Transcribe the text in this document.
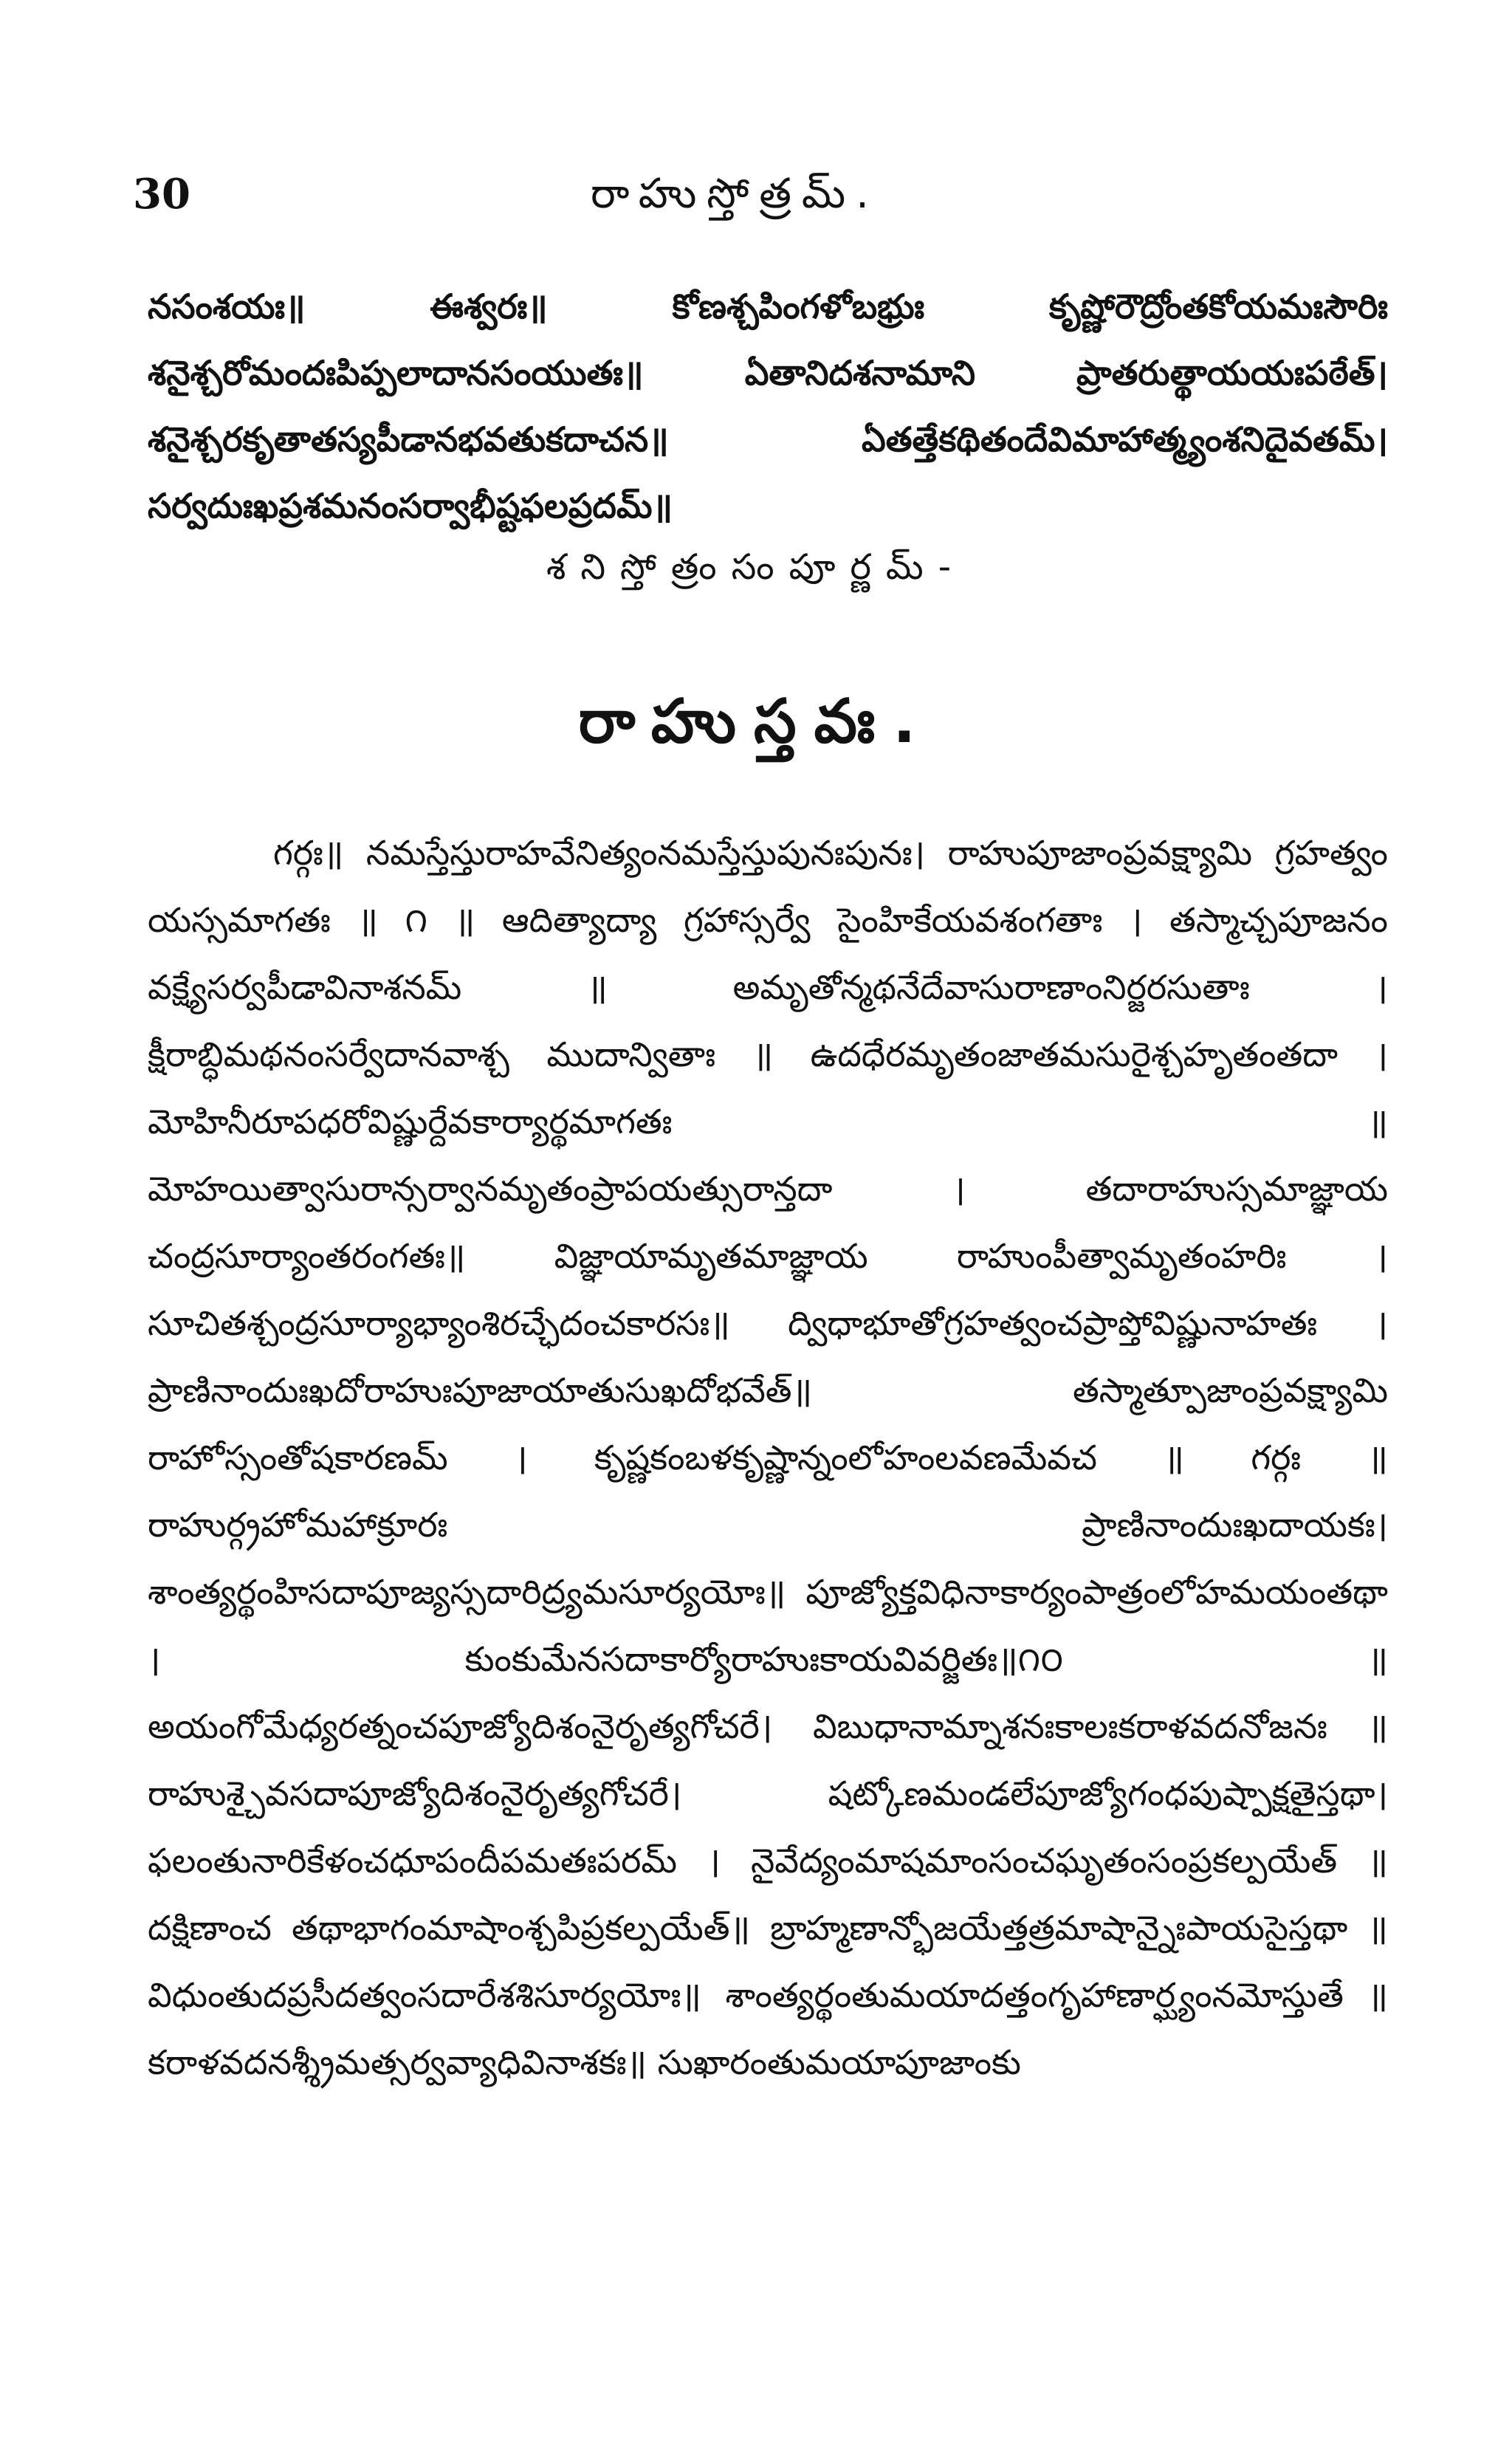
30	రాహుస్తోత్రమ్.
నసంశయః॥ ఈశ్వరః॥ కోణశ్చపింగళోబభ్రుః కృష్ణోరౌద్రోంతకోయమఃసౌరిః శనైశ్చరోమందఃపిప్పలాదానసంయుతః॥ ఏతానిదశనామాని ప్రాతరుత్థాయయఃపఠేత్। శనైశ్చరకృతాతస్యపీడానభవతుకదాచన॥ ఏతత్తేకథితందేవిమాహాత్మ్యంశనిదైవతమ్। సర్వదుఃఖప్రశమనంసర్వాభీష్టఫలప్రదమ్॥
శనిస్తోత్రంసంపూర్ణమ్-
రాహుస్తవః.
గర్గః॥ నమస్తేస్తురాహవేనిత్యంనమస్తేస్తుపునఃపునః। రాహుపూజాంప్రవక్ష్యామి గ్రహత్వం యస్సమాగతః ॥ ౧ ॥ ఆదిత్యాద్యా గ్రహాస్సర్వే సైంహికేయవశంగతాః । తస్మాచ్చపూజనం వక్ష్యేసర్వపీడావినాశనమ్ ॥ అమృతోన్మథనేదేవాసురాణాంనిర్జరసుతాః । క్షీరాబ్ధిమథనంసర్వేదానవాశ్చ ముదాన్వితాః ॥ ఉదధేరమృతంజాతమసురైశ్చహృతంతదా । మోహినీరూపధరోవిష్ణుర్దేవకార్యార్థమాగతః ॥ మోహయిత్వాసురాన్సర్వానమృతంప్రాపయత్సురాన్తదా । తదారాహుస్సమాజ్ఞాయ చంద్రసూర్యాంతరంగతః॥ విజ్ఞాయామృతమాజ్ఞాయ రాహుంపీత్వామృతంహరిః । సూచితశ్చంద్రసూర్యాభ్యాంశిరచ్ఛేదంచకారసః॥ ద్విధాభూతోగ్రహత్వంచప్రాప్తోవిష్ణునాహతః । ప్రాణినాందుఃఖదోరాహుఃపూజాయాతుసుఖదోభవేత్॥ తస్మాత్పూజాంప్రవక్ష్యామి రాహోస్సంతోషకారణమ్ । కృష్ణకంబళకృష్ణాన్నంలోహంలవణమేవచ ॥ గర్గః ॥ రాహుర్గ్రహోమహాక్రూరః ప్రాణినాందుఃఖదాయకః। శాంత్యర్థంహిసదాపూజ్యస్సదారిద్ర్యమసూర్యయోః॥ పూజ్యోక్తవిధినాకార్యంపాత్రంలోహమయంతథా । కుంకుమేనసదాకార్యోరాహుఃకాయవివర్జితః॥౧౦ ॥ అయంగోమేధ్యరత్నంచపూజ్యోదిశంనైరృత్యగోచరే। విబుధానామ్నాశనఃకాలఃకరాళవదనోజనః ॥ రాహుశ్చైవసదాపూజ్యోదిశంనైరృత్యగోచరే। షట్కోణమండలేపూజ్యోగంధపుష్పాక్షతైస్తథా। ఫలంతునారికేళంచధూపందీపమతఃపరమ్ । నైవేద్యంమాషమాంసంచఘృతంసంప్రకల్పయేత్ ॥ దక్షిణాంచ తథాభాగంమాషాంశ్చపిప్రకల్పయేత్॥ బ్రాహ్మణాన్భోజయేత్తత్రమాషాన్నైఃపాయసైస్తథా ॥ విధుంతుదప్రసీదత్వంసదారేశశిసూర్యయోః॥ శాంత్యర్థంతుమయాదత్తంగృహాణార్ఘ్యంనమోస్తుతే ॥ కరాళవదనశ్శ్రీమత్సర్వవ్యాధివినాశకః॥ సుఖారంతుమయాపూజాంకు
